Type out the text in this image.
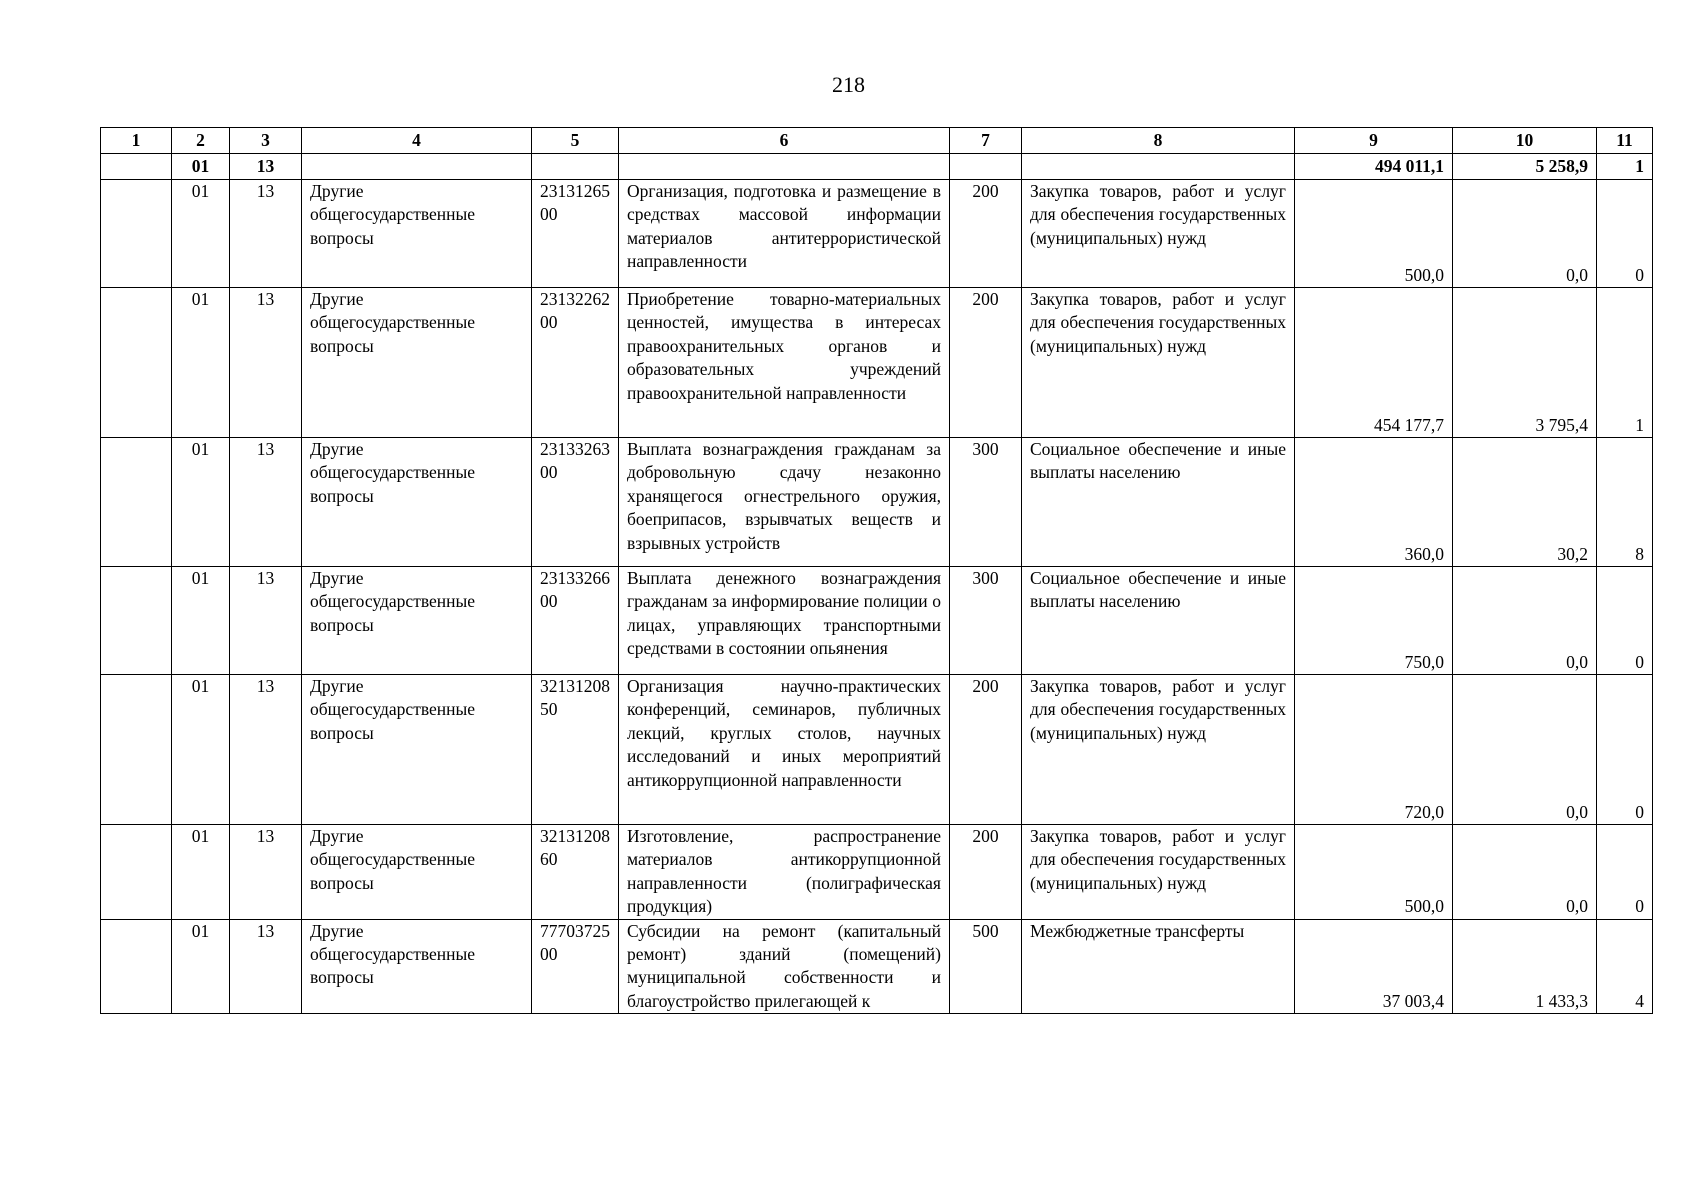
218
1	2	3	4	5	6	7	8	9	10	11
	01	13						494 011,1	5 258,9	1
	01	13	Другие общегосударственные вопросы	2313126500	Организация, подготовка и размещение в средствах массовой информации материалов антитеррористической направленности	200	Закупка товаров, работ и услуг для обеспечения государственных (муниципальных) нужд	500,0	0,0	0
	01	13	Другие общегосударственные вопросы	2313226200	Приобретение товарно-материальных ценностей, имущества в интересах правоохранительных органов и образовательных учреждений правоохранительной направленности	200	Закупка товаров, работ и услуг для обеспечения государственных (муниципальных) нужд	454 177,7	3 795,4	1
	01	13	Другие общегосударственные вопросы	2313326300	Выплата вознаграждения гражданам за добровольную сдачу незаконно хранящегося огнестрельного оружия, боеприпасов, взрывчатых веществ и взрывных устройств	300	Социальное обеспечение и иные выплаты населению	360,0	30,2	8
	01	13	Другие общегосударственные вопросы	2313326600	Выплата денежного вознаграждения гражданам за информирование полиции о лицах, управляющих транспортными средствами в состоянии опьянения	300	Социальное обеспечение и иные выплаты населению	750,0	0,0	0
	01	13	Другие общегосударственные вопросы	3213120850	Организация научно-практических конференций, семинаров, публичных лекций, круглых столов, научных исследований и иных мероприятий антикоррупционной направленности	200	Закупка товаров, работ и услуг для обеспечения государственных (муниципальных) нужд	720,0	0,0	0
	01	13	Другие общегосударственные вопросы	3213120860	Изготовление, распространение материалов антикоррупционной направленности (полиграфическая продукция)	200	Закупка товаров, работ и услуг для обеспечения государственных (муниципальных) нужд	500,0	0,0	0
	01	13	Другие общегосударственные вопросы	7770372500	Субсидии на ремонт (капитальный ремонт) зданий (помещений) муниципальной собственности и благоустройство прилегающей к	500	Межбюджетные трансферты	37 003,4	1 433,3	4
